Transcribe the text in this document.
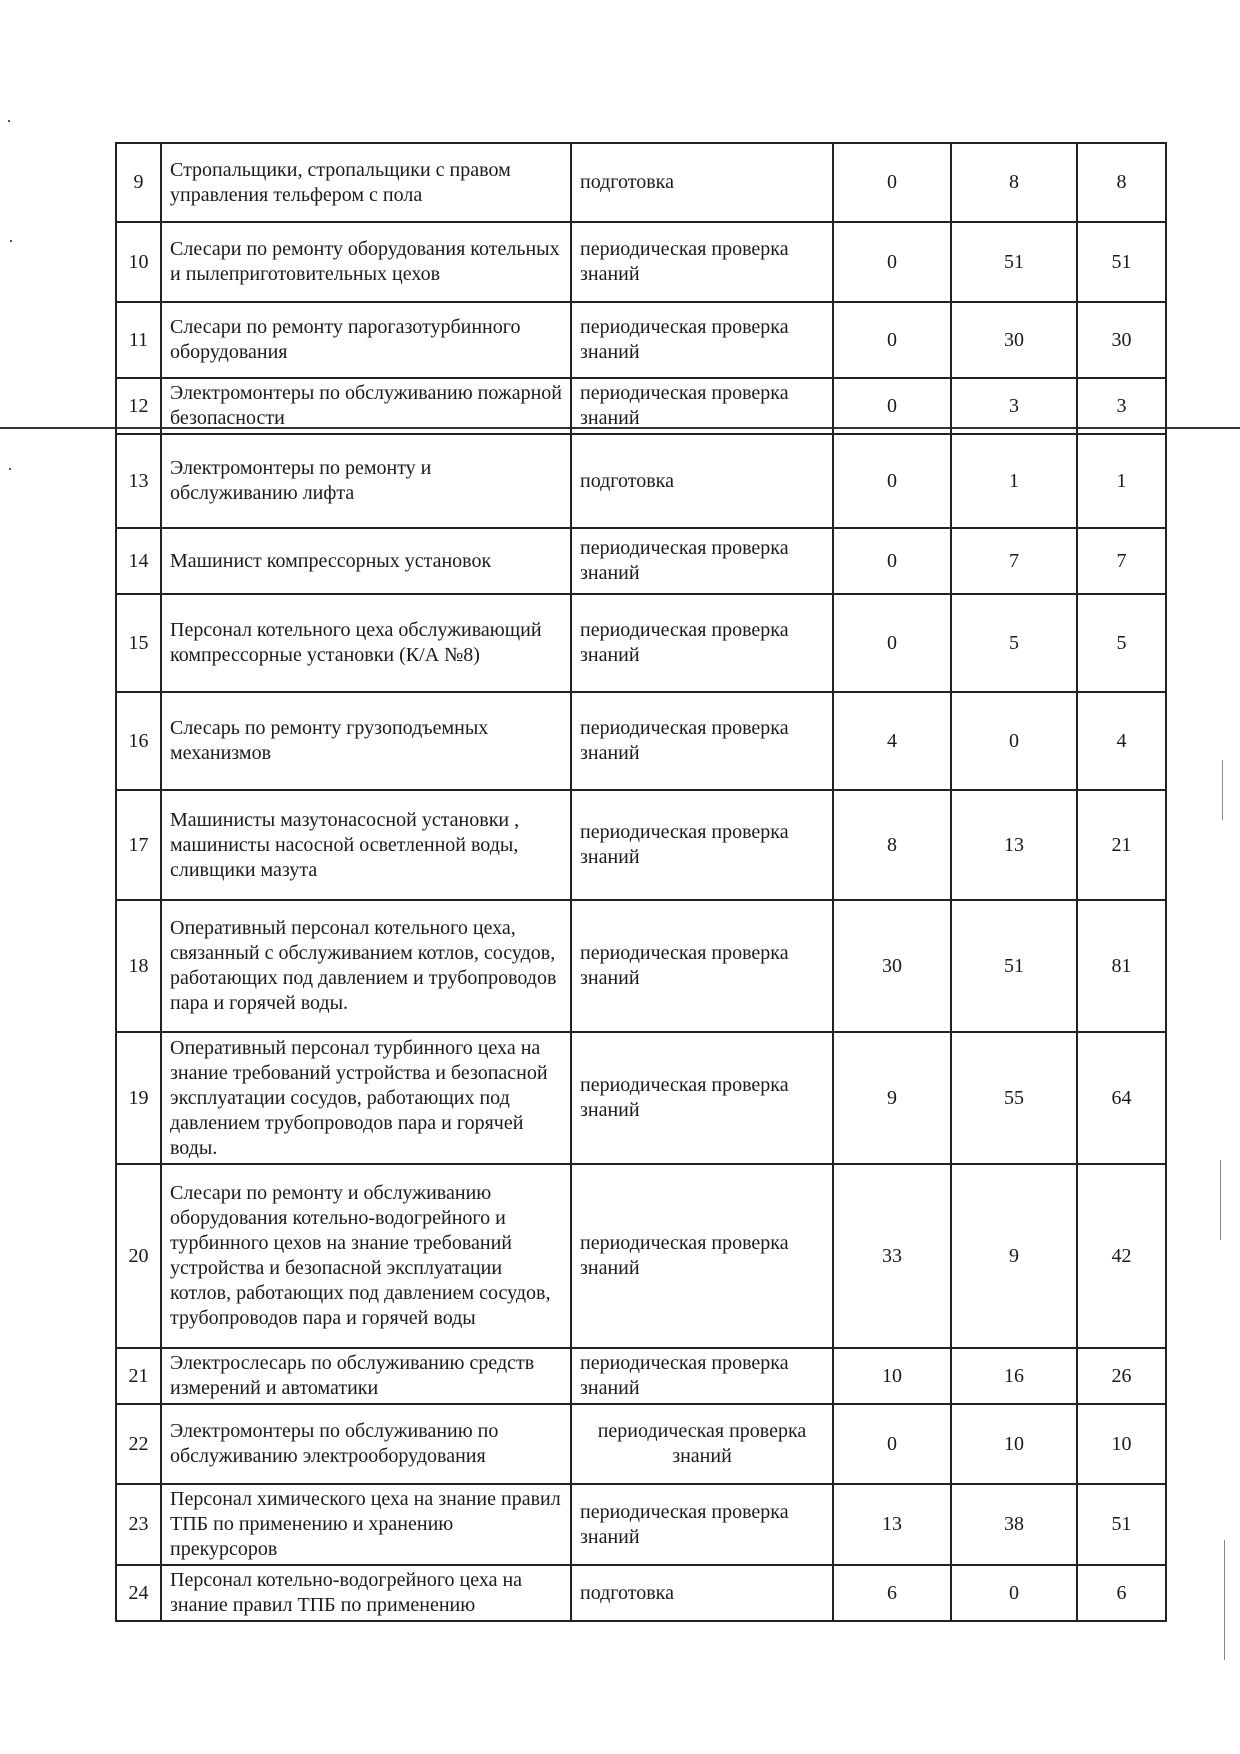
9	Стропальщики, стропальщики с правом управления тельфером с пола	подготовка	0	8	8
10	Слесари по ремонту оборудования котельных и пылеприготовительных цехов	периодическая проверка знаний	0	51	51
11	Слесари по ремонту парогазотурбинного оборудования	периодическая проверка знаний	0	30	30
12	Электромонтеры по обслуживанию пожарной безопасности	периодическая проверка знаний	0	3	3
13	Электромонтеры по ремонту и обслуживанию лифта	подготовка	0	1	1
14	Машинист компрессорных установок	периодическая проверка знаний	0	7	7
15	Персонал котельного цеха обслуживающий компрессорные установки (К/А №8)	периодическая проверка знаний	0	5	5
16	Слесарь по ремонту грузоподъемных механизмов	периодическая проверка знаний	4	0	4
17	Машинисты мазутонасосной установки , машинисты насосной осветленной воды, сливщики мазута	периодическая проверка знаний	8	13	21
18	Оперативный персонал котельного цеха, связанный с обслуживанием котлов, сосудов, работающих под давлением и трубопроводов пара и горячей воды.	периодическая проверка знаний	30	51	81
19	Оперативный персонал турбинного цеха на знание требований устройства и безопасной эксплуатации сосудов, работающих под давлением трубопроводов пара и горячей воды.	периодическая проверка знаний	9	55	64
20	Слесари по ремонту и обслуживанию оборудования котельно-водогрейного и турбинного цехов на знание требований устройства и безопасной эксплуатации котлов, работающих под давлением сосудов, трубопроводов пара и горячей воды	периодическая проверка знаний	33	9	42
21	Электрослесарь по обслуживанию средств измерений и автоматики	периодическая проверка знаний	10	16	26
22	Электромонтеры по обслуживанию по обслуживанию электрооборудования	периодическая проверка знаний	0	10	10
23	Персонал химического цеха на знание правил ТПБ по применению и хранению прекурсоров	периодическая проверка знаний	13	38	51
24	Персонал котельно-водогрейного цеха на знание правил ТПБ по применению	подготовка	6	0	6
